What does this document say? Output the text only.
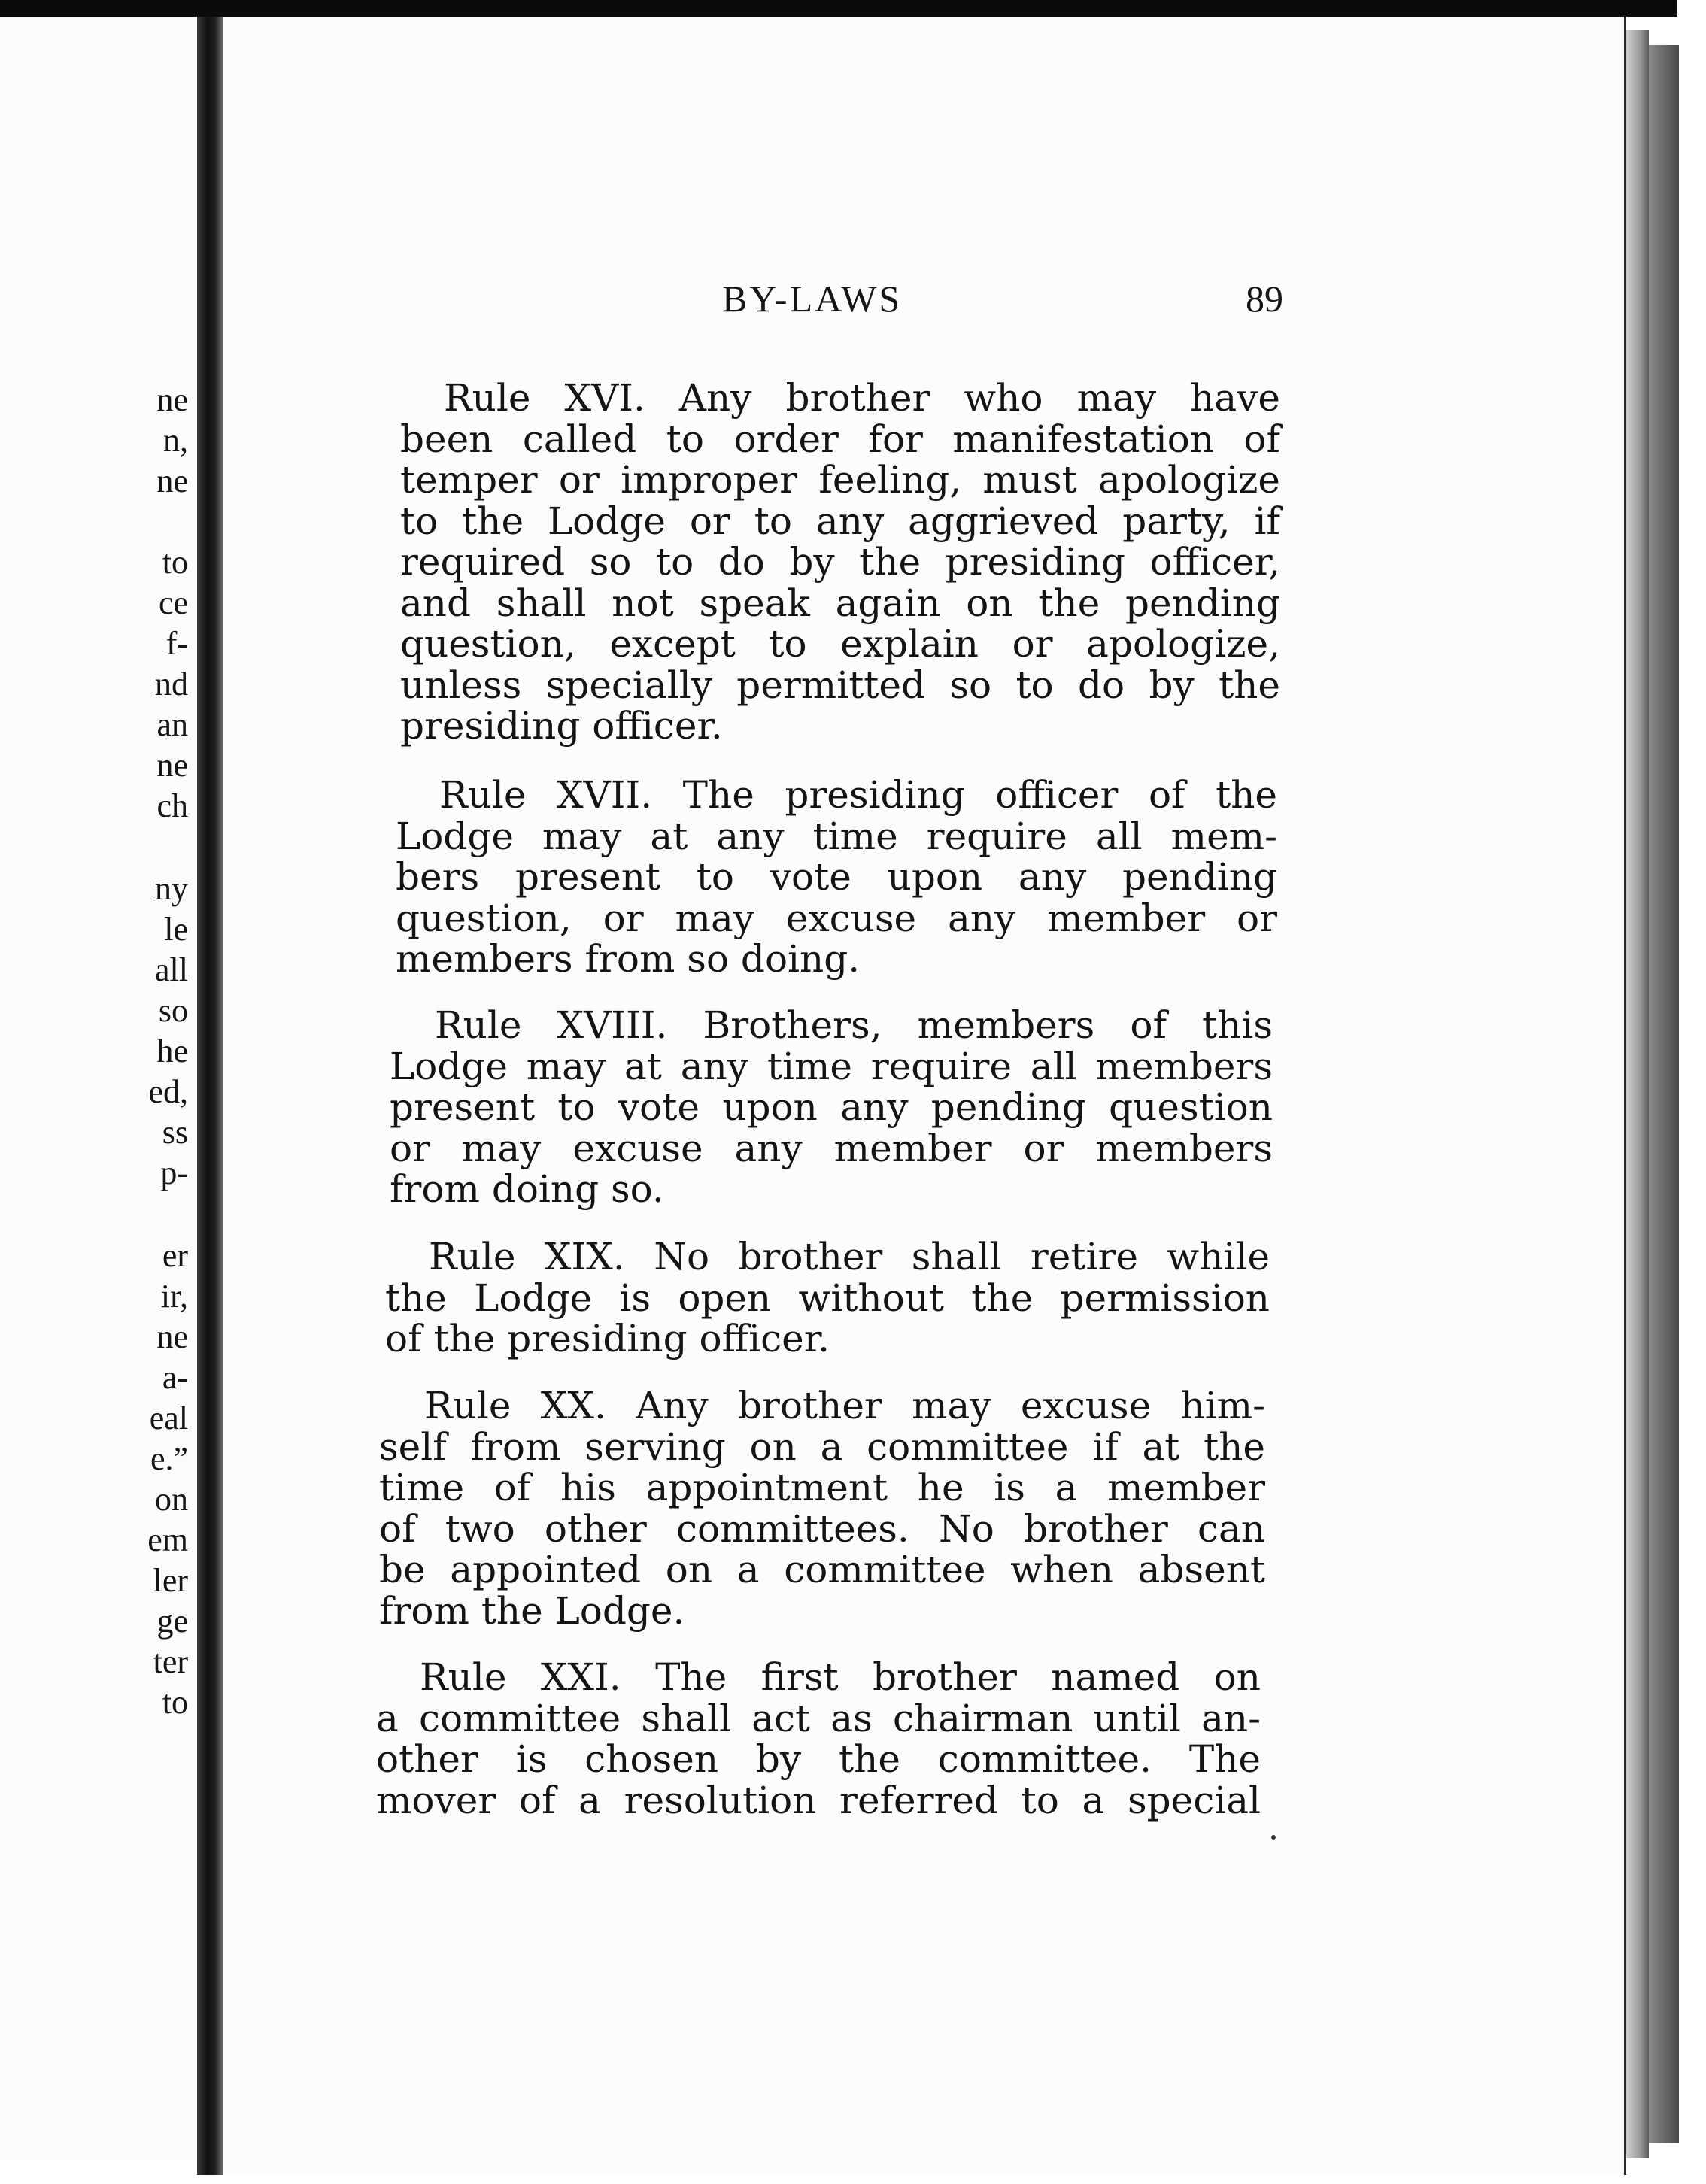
ne
n,
ne
to
ce
f-
nd
an
ne
ch
ny
le
all
so
he
ed,
ss
p-
er
ir,
ne
a-
eal
e.”
on
em
ler
ge
ter
to
BY-LAWS	89
Rule XVI. Any brother who may have
been called to order for manifestation of
temper or improper feeling, must apologize
to the Lodge or to any aggrieved party, if
required so to do by the presiding officer,
and shall not speak again on the pending
question, except to explain or apologize,
unless specially permitted so to do by the
presiding officer.
Rule XVII. The presiding officer of the
Lodge may at any time require all mem-
bers present to vote upon any pending
question, or may excuse any member or
members from so doing.
Rule XVIII. Brothers, members of this
Lodge may at any time require all members
present to vote upon any pending question
or may excuse any member or members
from doing so.
Rule XIX. No brother shall retire while
the Lodge is open without the permission
of the presiding officer.
Rule XX. Any brother may excuse him-
self from serving on a committee if at the
time of his appointment he is a member
of two other committees. No brother can
be appointed on a committee when absent
from the Lodge.
Rule XXI. The first brother named on
a committee shall act as chairman until an-
other is chosen by the committee. The
mover of a resolution referred to a special
